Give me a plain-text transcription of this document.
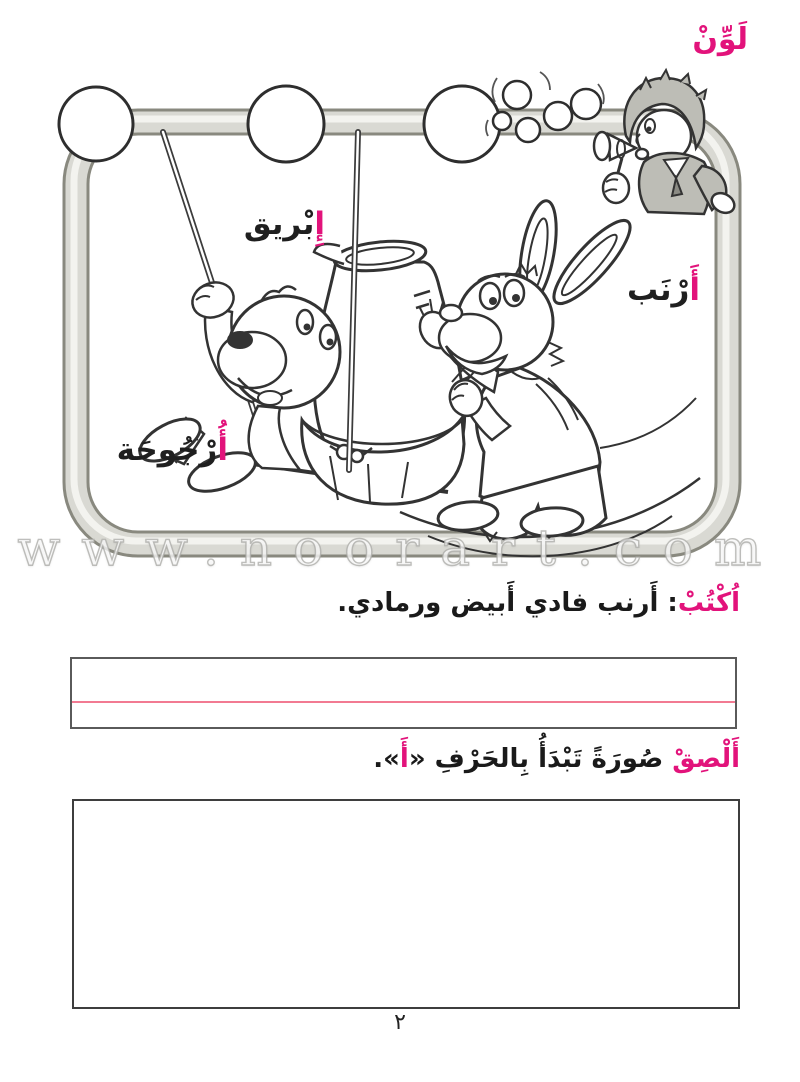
لَوِّنْ
إِبْريق
أَرْنَب
أُرْجُوحَة
www.noorart.com
اُكْتُبْ: أَرنب فادي أَبيض ورمادي.
أَلْصِقْ صُورَةً تَبْدَأُ بِالحَرْفِ «أَ».
٢
